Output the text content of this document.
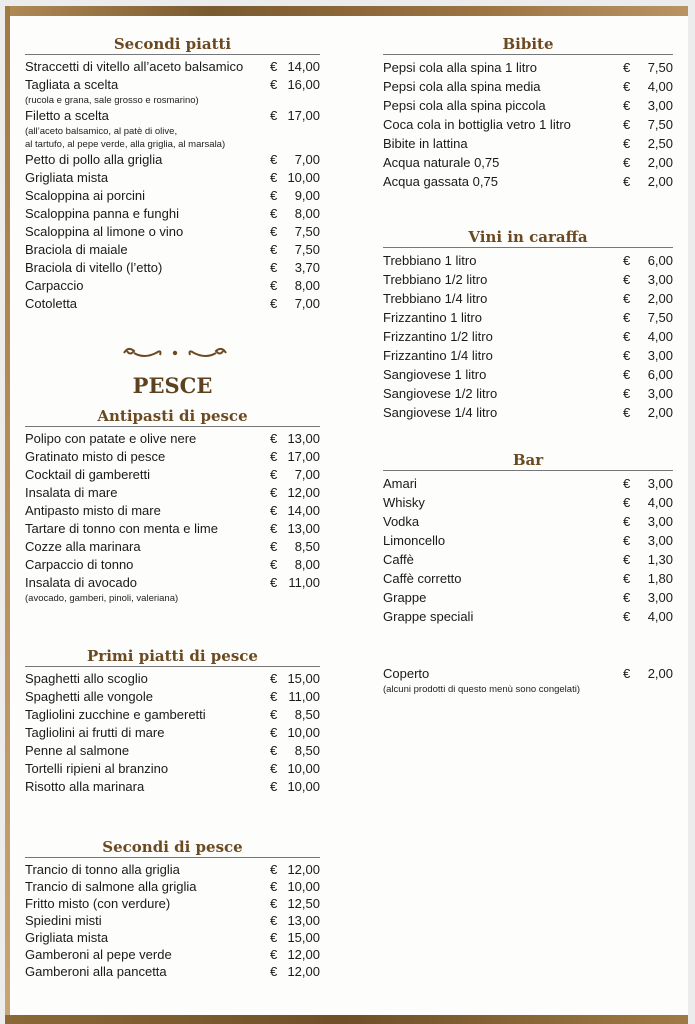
Secondi piatti
Straccetti di vitello all’aceto balsamico € 14,00
Tagliata a scelta	€ 16,00
(rucola e grana, sale grosso e rosmarino)
Filetto a scelta	€ 17,00
(all’aceto balsamico, al patè di olive,
al tartufo, al pepe verde, alla griglia, al marsala)
Petto di pollo alla griglia	€ 7,00
Grigliata mista	€ 10,00
Scaloppina ai porcini	€ 9,00
Scaloppina panna e funghi	€ 8,00
Scaloppina al limone o vino	€ 7,50
Braciola di maiale	€ 7,50
Braciola di vitello (l’etto)	€ 3,70
Carpaccio	€ 8,00
Cotoletta	€ 7,00
PESCE
Antipasti di pesce
Polipo con patate e olive nere	€ 13,00
Gratinato misto di pesce	€ 17,00
Cocktail di gamberetti	€ 7,00
Insalata di mare	€ 12,00
Antipasto misto di mare	€ 14,00
Tartare di tonno con menta e lime	€ 13,00
Cozze alla marinara	€ 8,50
Carpaccio di tonno	€ 8,00
Insalata di avocado	€ 11,00
(avocado, gamberi, pinoli, valeriana)
Primi piatti di pesce
Spaghetti allo scoglio	€ 15,00
Spaghetti alle vongole	€ 11,00
Tagliolini zucchine e gamberetti	€ 8,50
Tagliolini ai frutti di mare	€ 10,00
Penne al salmone	€ 8,50
Tortelli ripieni al branzino	€ 10,00
Risotto alla marinara	€ 10,00
Secondi di pesce
Trancio di tonno alla griglia	€ 12,00
Trancio di salmone alla griglia	€ 10,00
Fritto misto (con verdure)	€ 12,50
Spiedini misti	€ 13,00
Grigliata mista	€ 15,00
Gamberoni al pepe verde	€ 12,00
Gamberoni alla pancetta	€ 12,00
Bibite
Pepsi cola alla spina 1 litro	€ 7,50
Pepsi cola alla spina media	€ 4,00
Pepsi cola alla spina piccola	€ 3,00
Coca cola in bottiglia vetro 1 litro	€ 7,50
Bibite in lattina	€ 2,50
Acqua naturale 0,75	€ 2,00
Acqua gassata 0,75	€ 2,00
Vini in caraffa
Trebbiano 1 litro	€ 6,00
Trebbiano 1/2 litro	€ 3,00
Trebbiano 1/4 litro	€ 2,00
Frizzantino 1 litro	€ 7,50
Frizzantino 1/2 litro	€ 4,00
Frizzantino 1/4 litro	€ 3,00
Sangiovese 1 litro	€ 6,00
Sangiovese 1/2 litro	€ 3,00
Sangiovese 1/4 litro	€ 2,00
Bar
Amari	€ 3,00
Whisky	€ 4,00
Vodka	€ 3,00
Limoncello	€ 3,00
Caffè	€ 1,30
Caffè corretto	€ 1,80
Grappe	€ 3,00
Grappe speciali	€ 4,00
Coperto	€ 2,00
(alcuni prodotti di questo menù sono congelati)
